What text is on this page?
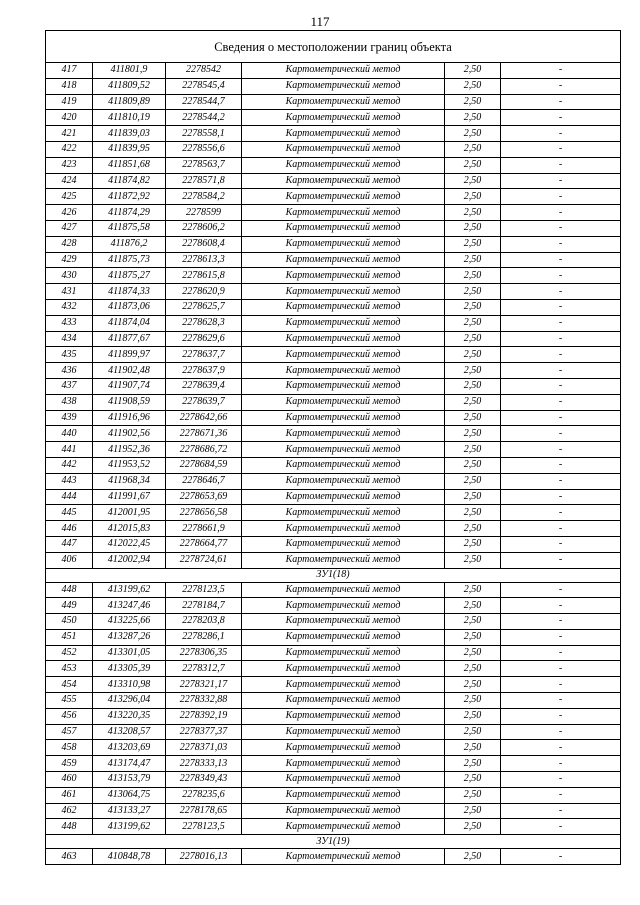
117
Сведения о местоположении границ объекта					
417	411801,9	2278542	Картометрический метод	2,50	-
418	411809,52	2278545,4	Картометрический метод	2,50	-
419	411809,89	2278544,7	Картометрический метод	2,50	-
420	411810,19	2278544,2	Картометрический метод	2,50	-
421	411839,03	2278558,1	Картометрический метод	2,50	-
422	411839,95	2278556,6	Картометрический метод	2,50	-
423	411851,68	2278563,7	Картометрический метод	2,50	-
424	411874,82	2278571,8	Картометрический метод	2,50	-
425	411872,92	2278584,2	Картометрический метод	2,50	-
426	411874,29	2278599	Картометрический метод	2,50	-
427	411875,58	2278606,2	Картометрический метод	2,50	-
428	411876,2	2278608,4	Картометрический метод	2,50	-
429	411875,73	2278613,3	Картометрический метод	2,50	-
430	411875,27	2278615,8	Картометрический метод	2,50	-
431	411874,33	2278620,9	Картометрический метод	2,50	-
432	411873,06	2278625,7	Картометрический метод	2,50	-
433	411874,04	2278628,3	Картометрический метод	2,50	-
434	411877,67	2278629,6	Картометрический метод	2,50	-
435	411899,97	2278637,7	Картометрический метод	2,50	-
436	411902,48	2278637,9	Картометрический метод	2,50	-
437	411907,74	2278639,4	Картометрический метод	2,50	-
438	411908,59	2278639,7	Картометрический метод	2,50	-
439	411916,96	2278642,66	Картометрический метод	2,50	-
440	411902,56	2278671,36	Картометрический метод	2,50	-
441	411952,36	2278686,72	Картометрический метод	2,50	-
442	411953,52	2278684,59	Картометрический метод	2,50	-
443	411968,34	2278646,7	Картометрический метод	2,50	-
444	411991,67	2278653,69	Картометрический метод	2,50	-
445	412001,95	2278656,58	Картометрический метод	2,50	-
446	412015,83	2278661,9	Картометрический метод	2,50	-
447	412022,45	2278664,77	Картометрический метод	2,50	-
406	412002,94	2278724,61	Картометрический метод	2,50	-
ЗУ1(18)					
448	413199,62	2278123,5	Картометрический метод	2,50	-
449	413247,46	2278184,7	Картометрический метод	2,50	-
450	413225,66	2278203,8	Картометрический метод	2,50	-
451	413287,26	2278286,1	Картометрический метод	2,50	-
452	413301,05	2278306,35	Картометрический метод	2,50	-
453	413305,39	2278312,7	Картометрический метод	2,50	-
454	413310,98	2278321,17	Картометрический метод	2,50	-
455	413296,04	2278332,88	Картометрический метод	2,50	-
456	413220,35	2278392,19	Картометрический метод	2,50	-
457	413208,57	2278377,37	Картометрический метод	2,50	-
458	413203,69	2278371,03	Картометрический метод	2,50	-
459	413174,47	2278333,13	Картометрический метод	2,50	-
460	413153,79	2278349,43	Картометрический метод	2,50	-
461	413064,75	2278235,6	Картометрический метод	2,50	-
462	413133,27	2278178,65	Картометрический метод	2,50	-
448	413199,62	2278123,5	Картометрический метод	2,50	-
ЗУ1(19)					
463	410848,78	2278016,13	Картометрический метод	2,50	-
